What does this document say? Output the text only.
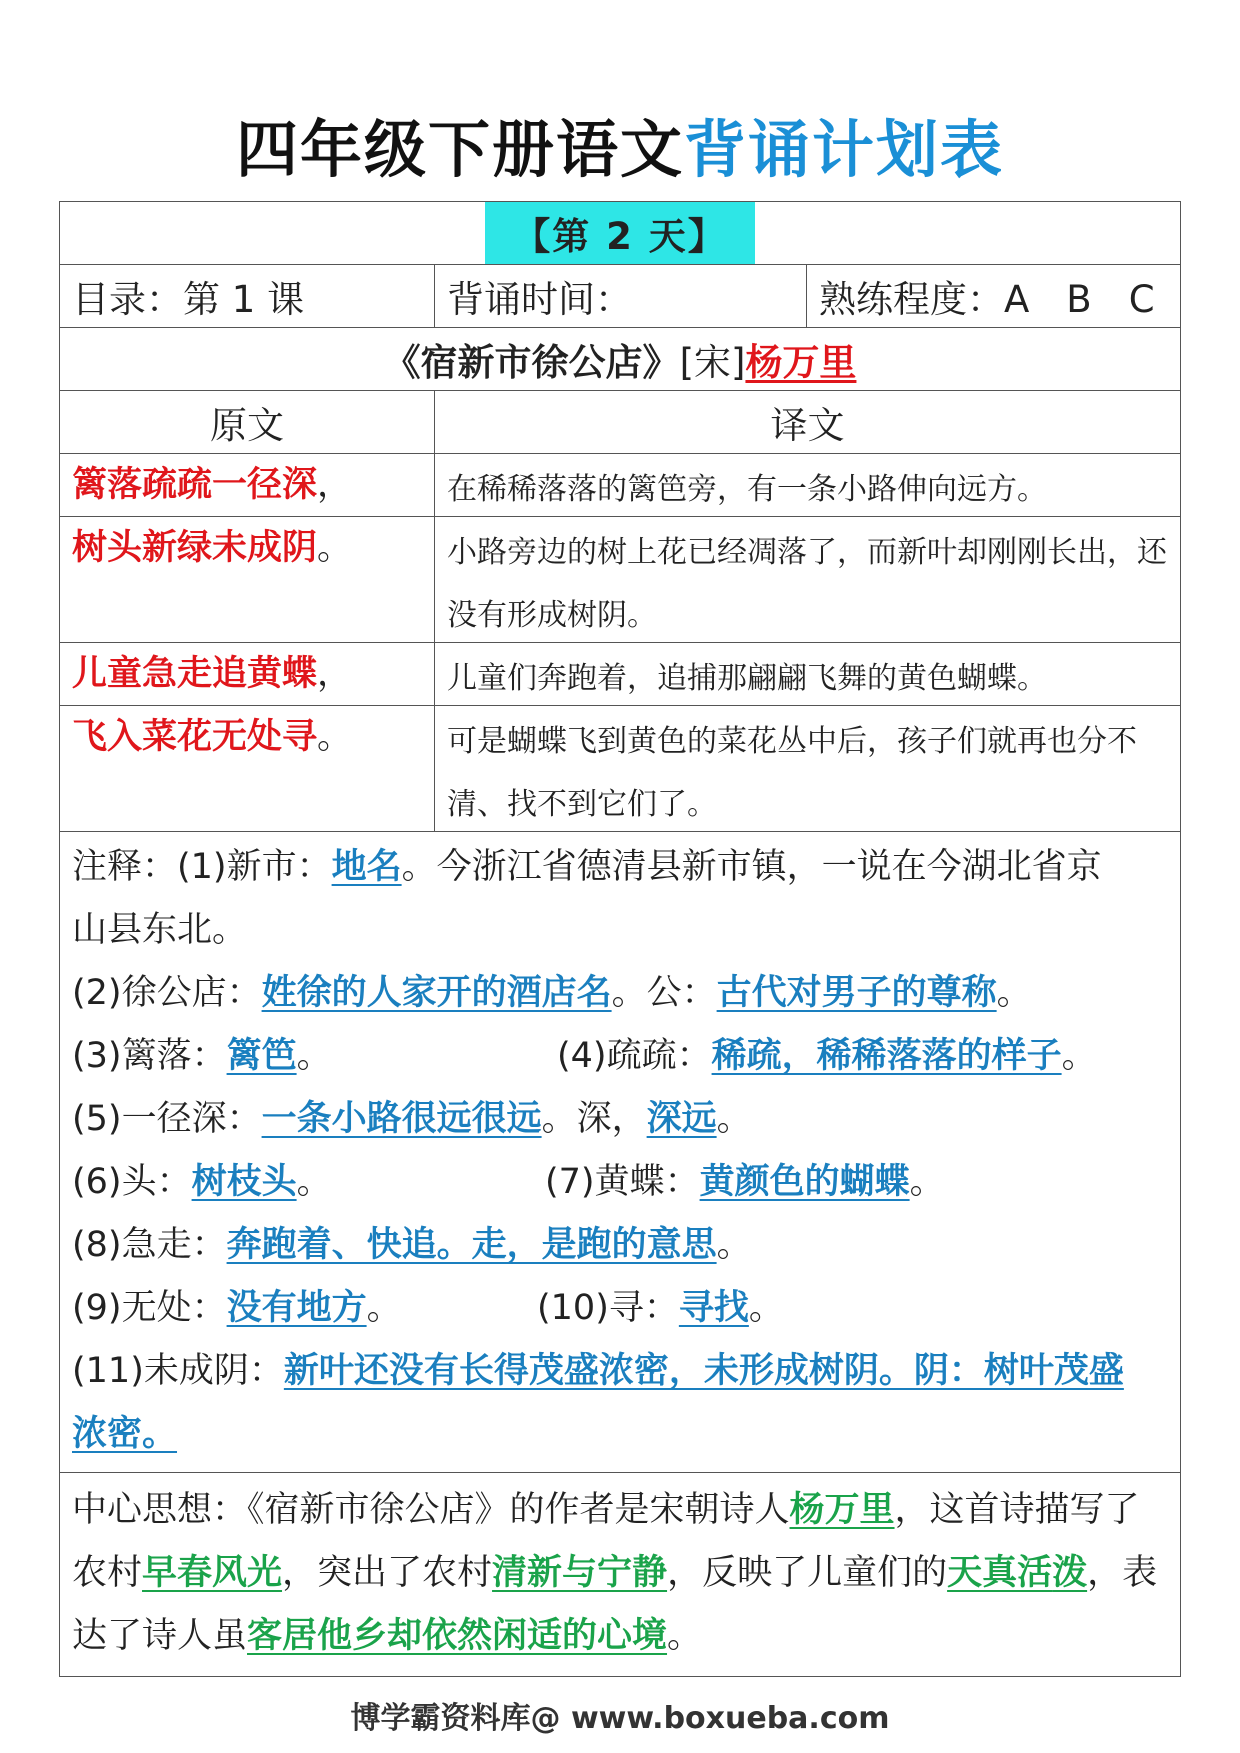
四年级下册语文背诵计划表
【第 2 天】
目录：第 1 课	背诵时间：	熟练程度：A　B　C
《宿新市徐公店》 [宋] 杨万里
原文	译文
篱落疏疏一径深 ，	在稀稀落落的篱笆旁，有一条小路伸向远方。
树头新绿未成阴 。	小路旁边的树上花已经凋落了，而新叶却刚刚长出，还没有形成树阴。
儿童急走追黄蝶 ，	儿童们奔跑着，追捕那翩翩飞舞的黄色蝴蝶。
飞入菜花无处寻 。	可是蝴蝶飞到黄色的菜花丛中后，孩子们就再也分不清、找不到它们了。
注释：(1)新市：地名。今浙江省德清县新市镇，一说在今湖北省京
山县东北。
(2)徐公店：姓徐的人家开的酒店名。公：古代对男子的尊称。
(3)篱落：篱笆。	(4)疏疏：稀疏，稀稀落落的样子。
(5)一径深：一条小路很远很远。深，深远。
(6)头：树枝头。	(7)黄蝶：黄颜色的蝴蝶。
(8)急走：奔跑着、快追。走，是跑的意思。
(9)无处：没有地方。	(10)寻：寻找。
(11)未成阴：新叶还没有长得茂盛浓密，未形成树阴。阴：树叶茂盛
浓密。
中心思想：《宿新市徐公店》的作者是宋朝诗人杨万里，这首诗描写了农村早春风光，突出了农村清新与宁静，反映了儿童们的天真活泼，表达了诗人虽客居他乡却依然闲适的心境。
博学霸资料库@ www.boxueba.com
